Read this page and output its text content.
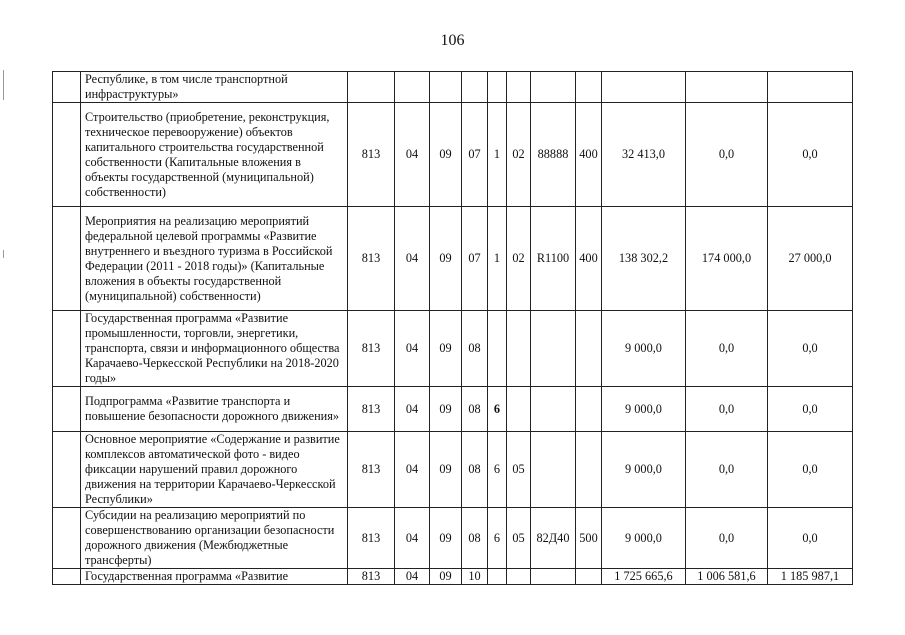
106
	Республике, в том числе транспортной инфраструктуры»											
	Строительство (приобретение, реконструкция, техническое перевооружение) объектов капитального строительства государственной собственности (Капитальные вложения в объекты государственной (муниципальной) собственности)	813	04	09	07	1	02	88888	400	32 413,0	0,0	0,0
	Мероприятия на реализацию мероприятий федеральной целевой программы «Развитие внутреннего и въездного туризма в Российской Федерации (2011 - 2018 годы)» (Капитальные вложения в объекты государственной (муниципальной) собственности)	813	04	09	07	1	02	R1100	400	138 302,2	174 000,0	27 000,0
	Государственная программа «Развитие промышленности, торговли, энергетики, транспорта, связи и информационного общества Карачаево-Черкесской Республики на 2018-2020 годы»	813	04	09	08					9 000,0	0,0	0,0
	Подпрограмма «Развитие транспорта и повышение безопасности дорожного движения»	813	04	09	08	6				9 000,0	0,0	0,0
	Основное мероприятие «Содержание и развитие комплексов автоматической фото - видео фиксации нарушений правил дорожного движения на территории Карачаево-Черкесской Республики»	813	04	09	08	6	05			9 000,0	0,0	0,0
	Субсидии на реализацию мероприятий по совершенствованию организации безопасности дорожного движения (Межбюджетные трансферты)	813	04	09	08	6	05	82Д40	500	9 000,0	0,0	0,0
	Государственная программа «Развитие	813	04	09	10					1 725 665,6	1 006 581,6	1 185 987,1
